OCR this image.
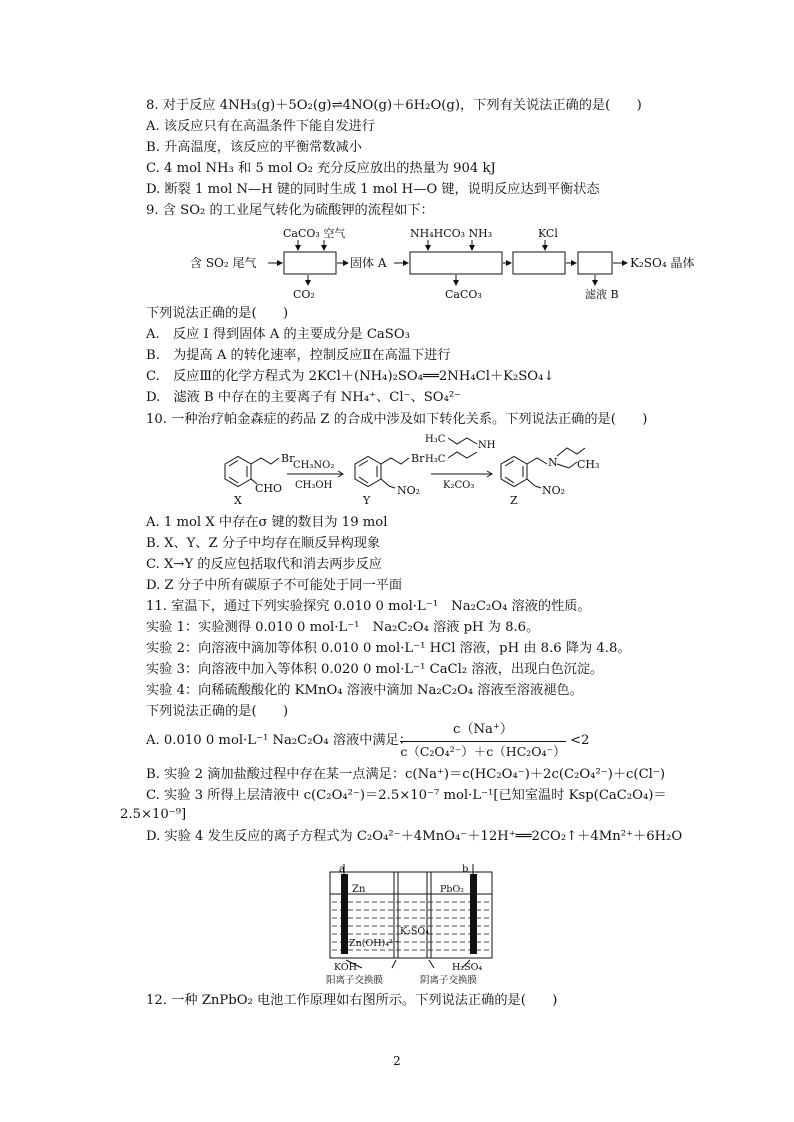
8. 对于反应 4NH₃(g)＋5O₂(g)⇌4NO(g)＋6H₂O(g)，下列有关说法正确的是(　　)
A. 该反应只有在高温条件下能自发进行
B. 升高温度，该反应的平衡常数减小
C. 4 mol NH₃ 和 5 mol O₂ 充分反应放出的热量为 904 kJ
D. 断裂 1 mol N—H 键的同时生成 1 mol H—O 键，说明反应达到平衡状态
9. 含 SO₂ 的工业尾气转化为硫酸钾的流程如下：
含 SO₂ 尾气
CaCO₃ 空气
固体 A
CO₂
NH₄HCO₃ NH₃
CaCO₃
KCl
滤液 B
K₂SO₄ 晶体
下列说法正确的是(　　)
A.　反应 Ⅰ 得到固体 A 的主要成分是 CaSO₃
B.　为提高 A 的转化速率，控制反应Ⅱ在高温下进行
C.　反应Ⅲ的化学方程式为 2KCl＋(NH₄)₂SO₄══2NH₄Cl＋K₂SO₄↓
D.　滤液 B 中存在的主要离子有 NH₄⁺、Cl⁻、SO₄²⁻
10. 一种治疗帕金森症的药品 Z 的合成中涉及如下转化关系。下列说法正确的是(　　)
Br
CHO
X
CH₃NO₂
CH₃OH
Br
NO₂
Y
H₃C
NH
H₃C
K₂CO₃
N CH₃
NO₂
Z
A. 1 mol X 中存在σ 键的数目为 19 mol
B. X、Y、Z 分子中均存在顺反异构现象
C. X→Y 的反应包括取代和消去两步反应
D. Z 分子中所有碳原子不可能处于同一平面
11. 室温下，通过下列实验探究 0.010 0 mol·L⁻¹　Na₂C₂O₄ 溶液的性质。
实验 1：实验测得 0.010 0 mol·L⁻¹　Na₂C₂O₄ 溶液 pH 为 8.6。
实验 2：向溶液中滴加等体积 0.010 0 mol·L⁻¹ HCl 溶液，pH 由 8.6 降为 4.8。
实验 3：向溶液中加入等体积 0.020 0 mol·L⁻¹ CaCl₂ 溶液，出现白色沉淀。
实验 4：向稀硫酸酸化的 KMnO₄ 溶液中滴加 Na₂C₂O₄ 溶液至溶液褪色。
下列说法正确的是(　　)
A. 0.010 0 mol·L⁻¹ Na₂C₂O₄ 溶液中满足：
c（Na⁺）
c（C₂O₄²⁻）＋c（HC₂O₄⁻）
<2
B. 实验 2 滴加盐酸过程中存在某一点满足：c(Na⁺)＝c(HC₂O₄⁻)＋2c(C₂O₄²⁻)＋c(Cl⁻)
C. 实验 3 所得上层清液中 c(C₂O₄²⁻)＝2.5×10⁻⁷ mol·L⁻¹[已知室温时 Ksp(CaC₂O₄)＝
2.5×10⁻⁹]
D. 实验 4 发生反应的离子方程式为 C₂O₄²⁻＋4MnO₄⁻＋12H⁺══2CO₂↑＋4Mn²⁺＋6H₂O
a	b
Zn	PbO₂
K₂SO₄
Zn(OH)₄²⁻
KOH	H₂SO₄
阳离子交换膜	阴离子交换膜
12. 一种 ZnPbO₂ 电池工作原理如右图所示。下列说法正确的是(　　)
2
